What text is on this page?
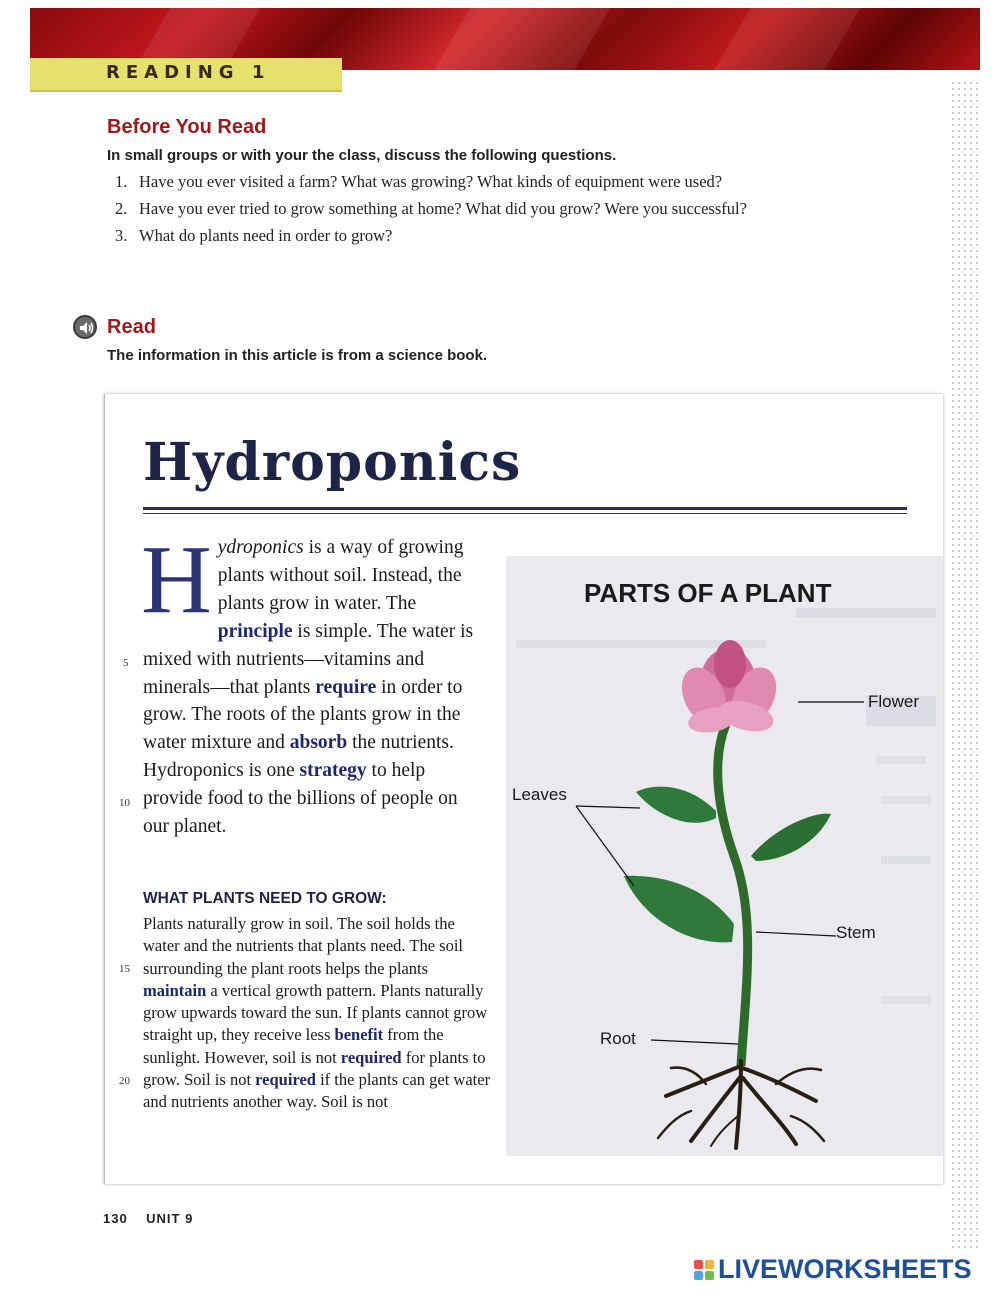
READING 1
Before You Read
In small groups or with your the class, discuss the following questions.
1. Have you ever visited a farm? What was growing? What kinds of equipment were used?
2. Have you ever tried to grow something at home? What did you grow? Were you successful?
3. What do plants need in order to grow?
Read
The information in this article is from a science book.
Hydroponics
H ydroponics is a way of growing plants without soil. Instead, the plants grow in water. The principle is simple. The water is mixed with nutrients—vitamins and minerals—that plants require in order to grow. The roots of the plants grow in the water mixture and absorb the nutrients. Hydroponics is one strategy to help provide food to the billions of people on our planet.
5
10
WHAT PLANTS NEED TO GROW:
Plants naturally grow in soil. The soil holds the water and the nutrients that plants need. The soil surrounding the plant roots helps the plants maintain a vertical growth pattern. Plants naturally grow upwards toward the sun. If plants cannot grow straight up, they receive less benefit from the sunlight. However, soil is not required for plants to grow. Soil is not required if the plants can get water and nutrients another way. Soil is not
15
20
PARTS OF A PLANT
Flower
Leaves
Stem
Root
130 UNIT 9
LIVEWORKSHEETS
